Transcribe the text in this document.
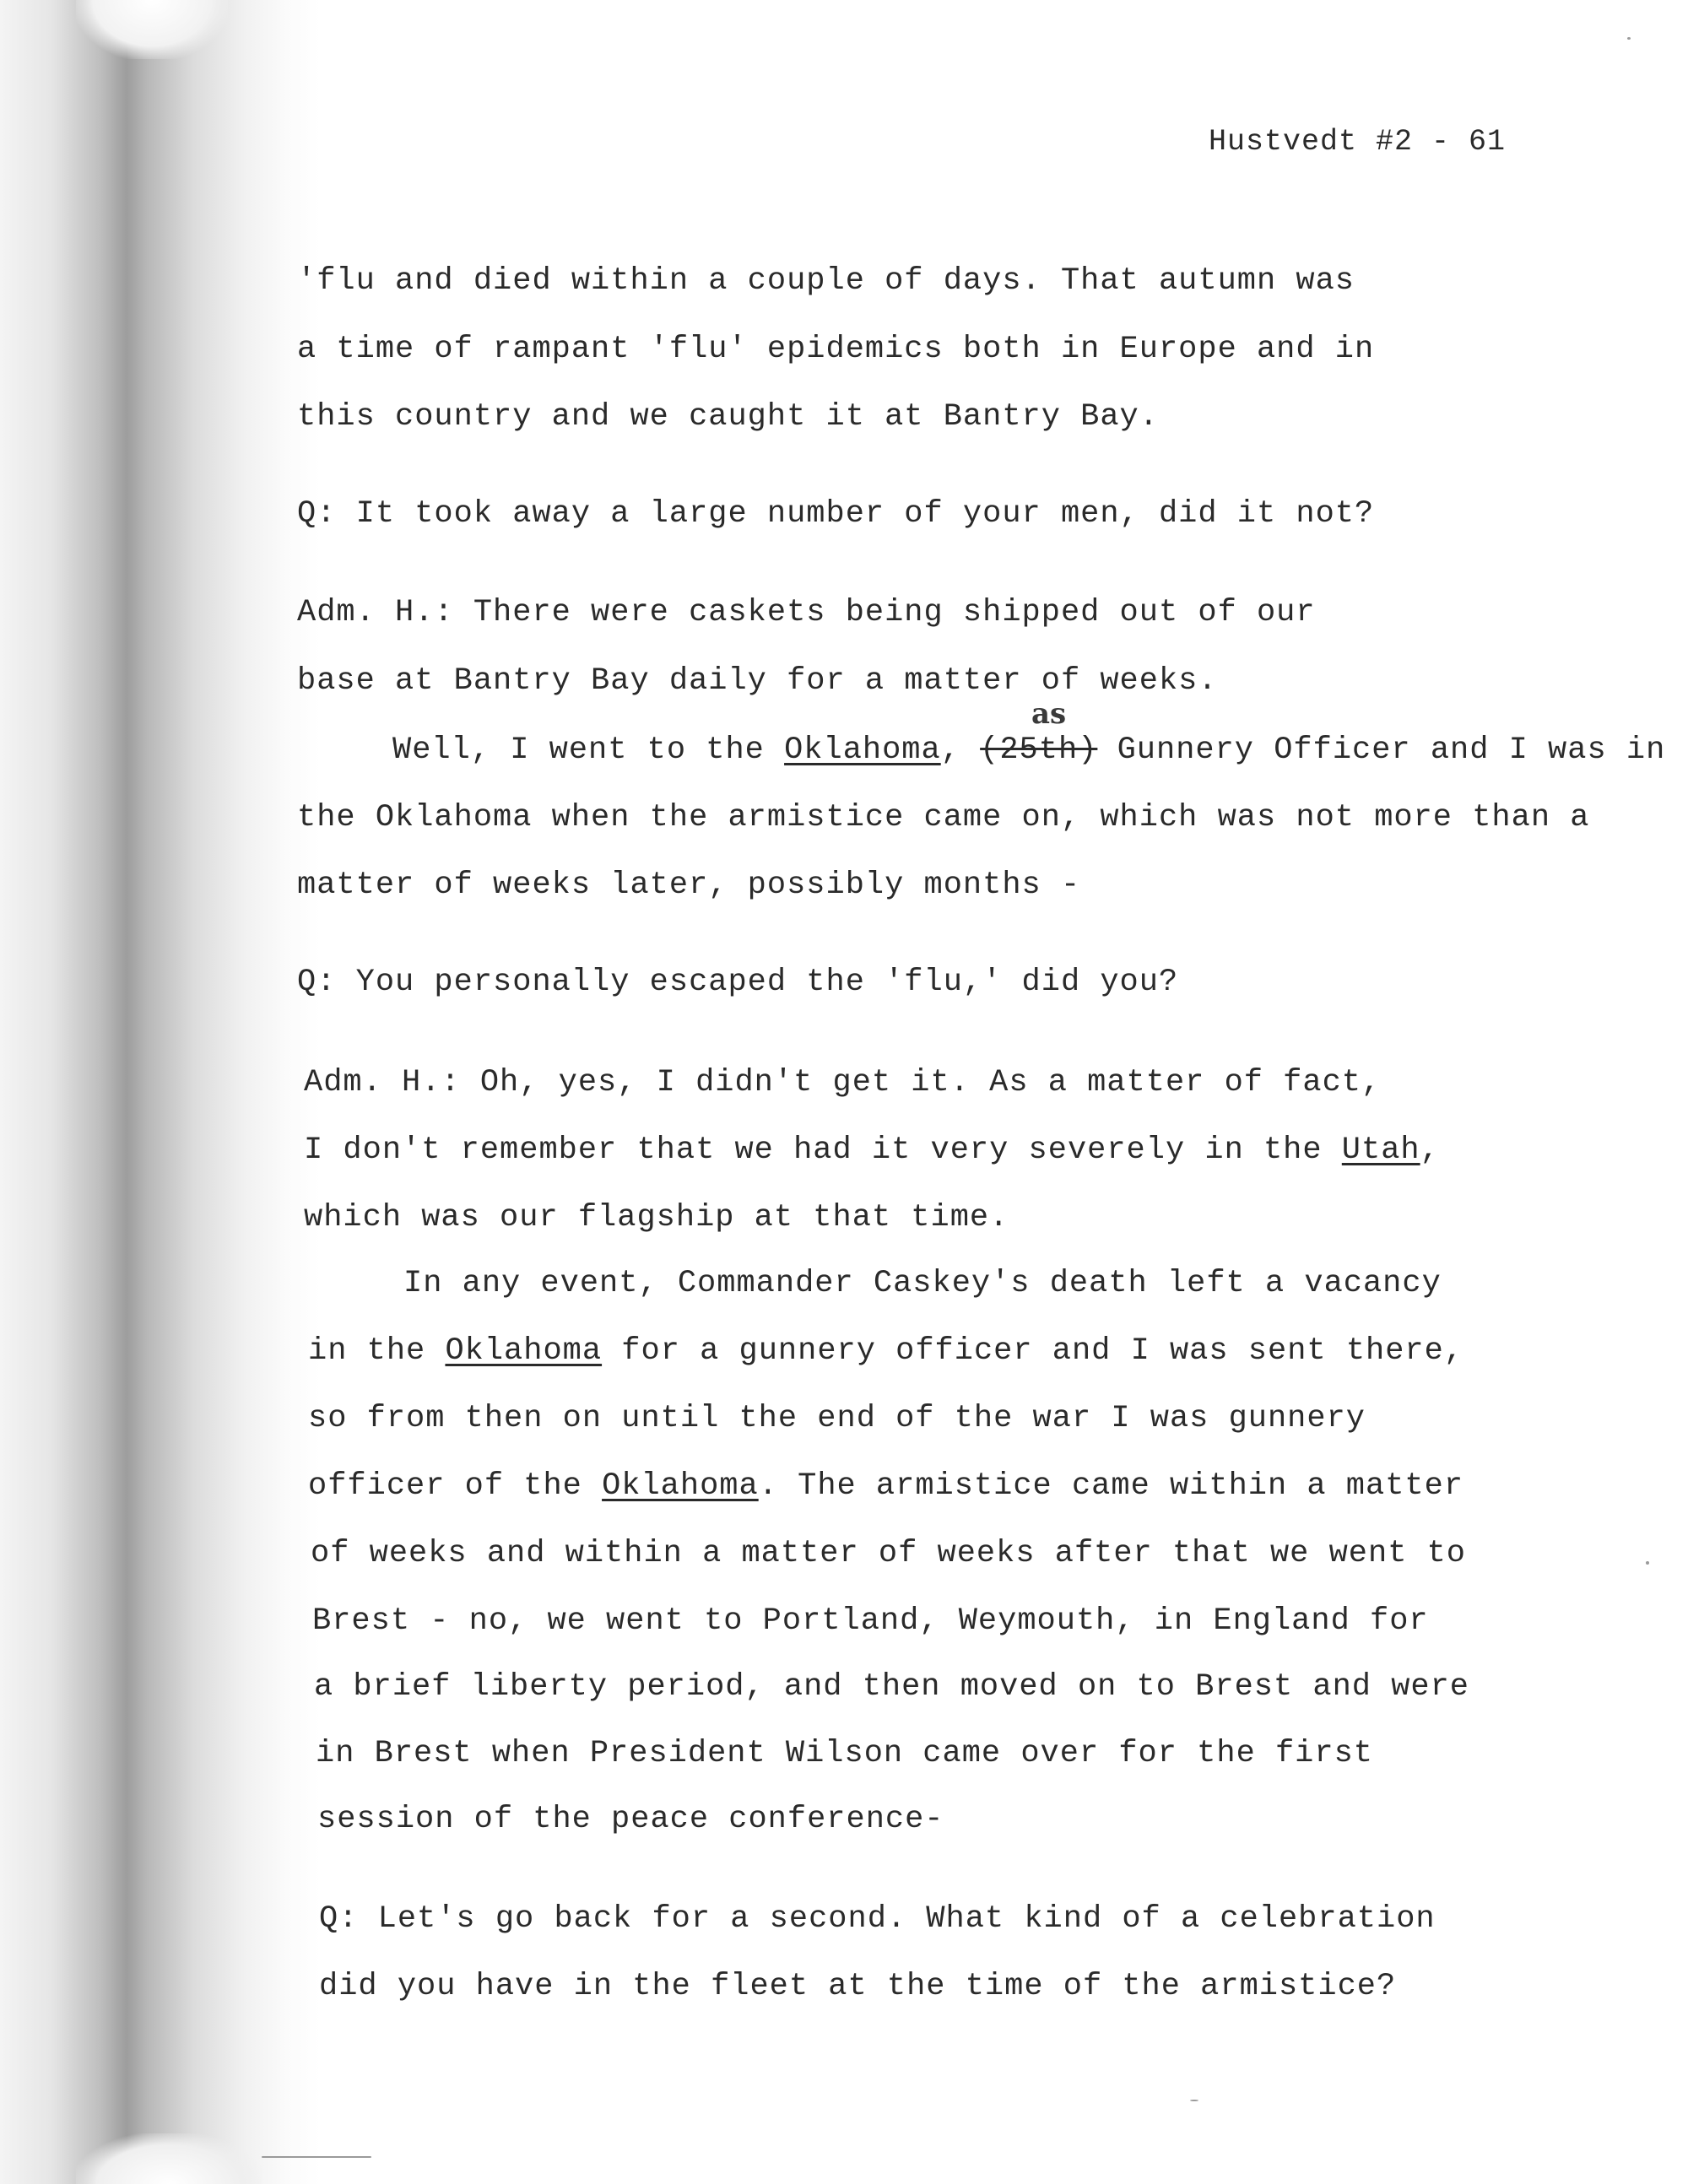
Hustvedt #2 - 61
'flu and died within a couple of days. That autumn was
a time of rampant 'flu' epidemics both in Europe and in
this country and we caught it at Bantry Bay.
Q: It took away a large number of your men, did it not?
Adm. H.: There were caskets being shipped out of our
base at Bantry Bay daily for a matter of weeks.
as
Well, I went to the Oklahoma, (25th) Gunnery Officer and I was in
the Oklahoma when the armistice came on, which was not more than a
matter of weeks later, possibly months -
Q: You personally escaped the 'flu,' did you?
Adm. H.: Oh, yes, I didn't get it. As a matter of fact,
I don't remember that we had it very severely in the Utah,
which was our flagship at that time.
In any event, Commander Caskey's death left a vacancy
in the Oklahoma for a gunnery officer and I was sent there,
so from then on until the end of the war I was gunnery
officer of the Oklahoma. The armistice came within a matter
of weeks and within a matter of weeks after that we went to
Brest - no, we went to Portland, Weymouth, in England for
a brief liberty period, and then moved on to Brest and were
in Brest when President Wilson came over for the first
session of the peace conference-
Q: Let's go back for a second. What kind of a celebration
did you have in the fleet at the time of the armistice?
